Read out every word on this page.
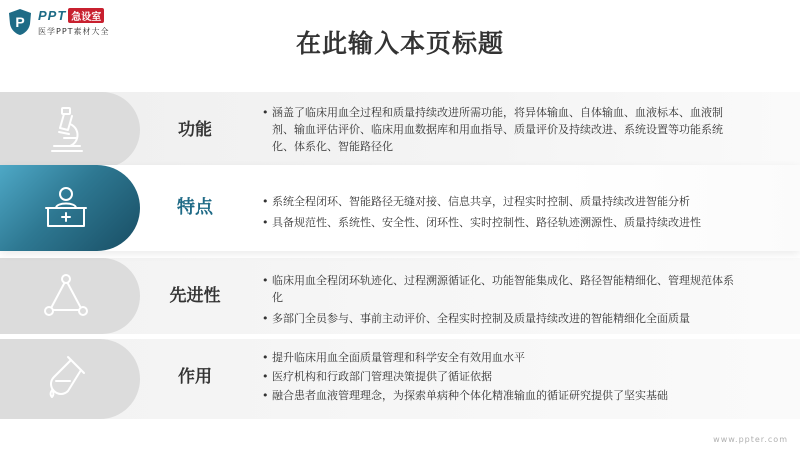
P PPT 急设室
医学PPT素材大全	在此输入本页标题
功能
• 涵盖了临床用血全过程和质量持续改进所需功能，将异体输血、自体输血、血液标本、血液制剂、输血评估评价、临床用血数据库和用血指导、质量评价及持续改进、系统设置等功能系统化、体系化、智能路径化
先进性
• 临床用血全程闭环轨迹化、过程溯源循证化、功能智能集成化、路径智能精细化、管理规范体系化
• 多部门全员参与、事前主动评价、全程实时控制及质量持续改进的智能精细化全面质量
作用
• 提升临床用血全面质量管理和科学安全有效用血水平
• 医疗机构和行政部门管理决策提供了循证依据
• 融合患者血液管理理念，为探索单病种个体化精准输血的循证研究提供了坚实基础
特点
•	系统全程闭环、智能路径无缝对接、信息共享，过程实时控制、质量持续改进智能分析
• 具备规范性、系统性、安全性、闭环性、实时控制性、路径轨迹溯源性、质量持续改进性
www.ppter.com
